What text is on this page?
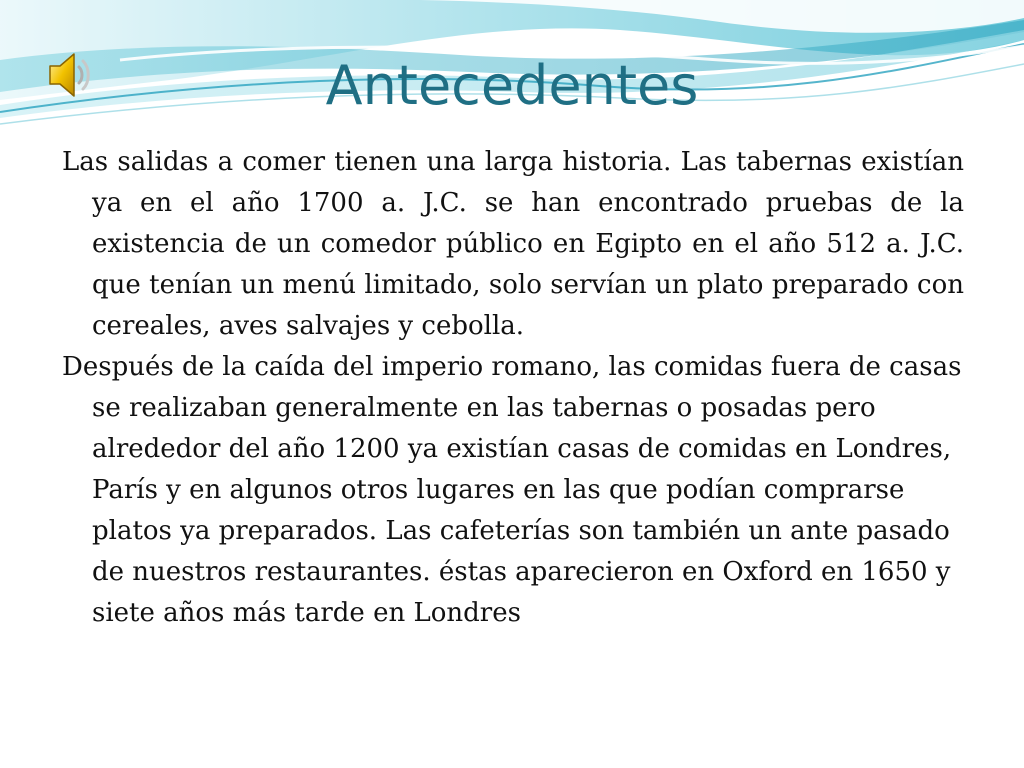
Antecedentes

Las salidas a comer tienen una larga historia. Las tabernas existían ya en el año 1700 a. J.C. se han encontrado pruebas de la existencia de un comedor público en Egipto en el año 512 a. J.C. que tenían un menú limitado, solo servían un plato preparado con cereales, aves salvajes y cebolla.

Después de la caída del imperio romano, las comidas fuera de casas se realizaban generalmente en las tabernas o posadas pero alrededor del año 1200 ya existían casas de comidas en Londres, París y en algunos otros lugares en las que podían comprarse platos ya preparados. Las cafeterías son también un ante pasado de nuestros restaurantes. éstas aparecieron en Oxford en 1650 y siete años más tarde en Londres
